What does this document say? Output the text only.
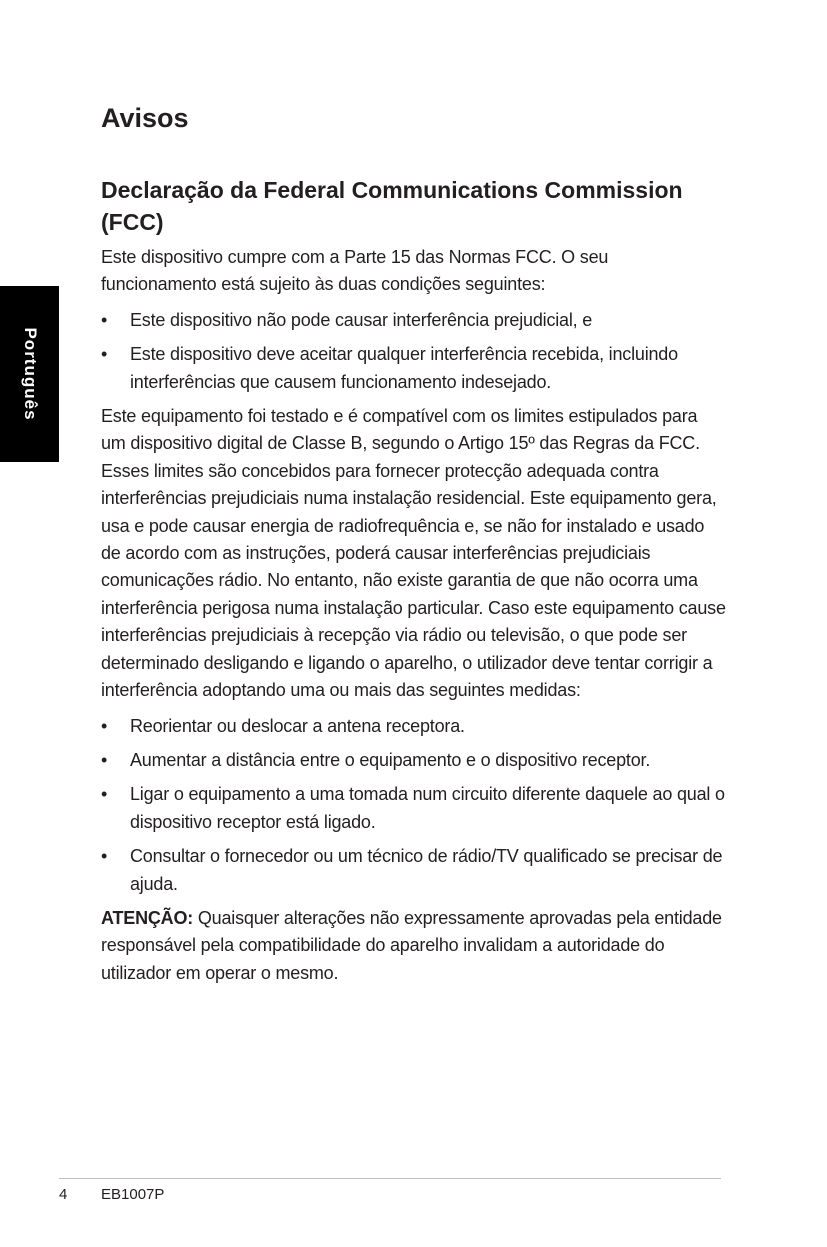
Português
Avisos
Declaração da Federal Communications Commission (FCC)

Este dispositivo cumpre com a Parte 15 das Normas FCC. O seu funcionamento está sujeito às duas condições seguintes:

• Este dispositivo não pode causar interferência prejudicial, e
• Este dispositivo deve aceitar qualquer interferência recebida, incluindo interferências que causem funcionamento indesejado.

Este equipamento foi testado e é compatível com os limites estipulados para um dispositivo digital de Classe B, segundo o Artigo 15º das Regras da FCC. Esses limites são concebidos para fornecer protecção adequada contra interferências prejudiciais numa instalação residencial. Este equipamento gera, usa e pode causar energia de radiofrequência e, se não for instalado e usado de acordo com as instruções, poderá causar interferências prejudiciais comunicações rádio. No entanto, não existe garantia de que não ocorra uma interferência perigosa numa instalação particular. Caso este equipamento cause interferências prejudiciais à recepção via rádio ou televisão, o que pode ser determinado desligando e ligando o aparelho, o utilizador deve tentar corrigir a interferência adoptando uma ou mais das seguintes medidas:

• Reorientar ou deslocar a antena receptora.
• Aumentar a distância entre o equipamento e o dispositivo receptor.
• Ligar o equipamento a uma tomada num circuito diferente daquele ao qual o dispositivo receptor está ligado.
• Consultar o fornecedor ou um técnico de rádio/TV qualificado se precisar de ajuda.

ATENÇÃO: Quaisquer alterações não expressamente aprovadas pela entidade responsável pela compatibilidade do aparelho invalidam a autoridade do utilizador em operar o mesmo.

4 EB1007P
